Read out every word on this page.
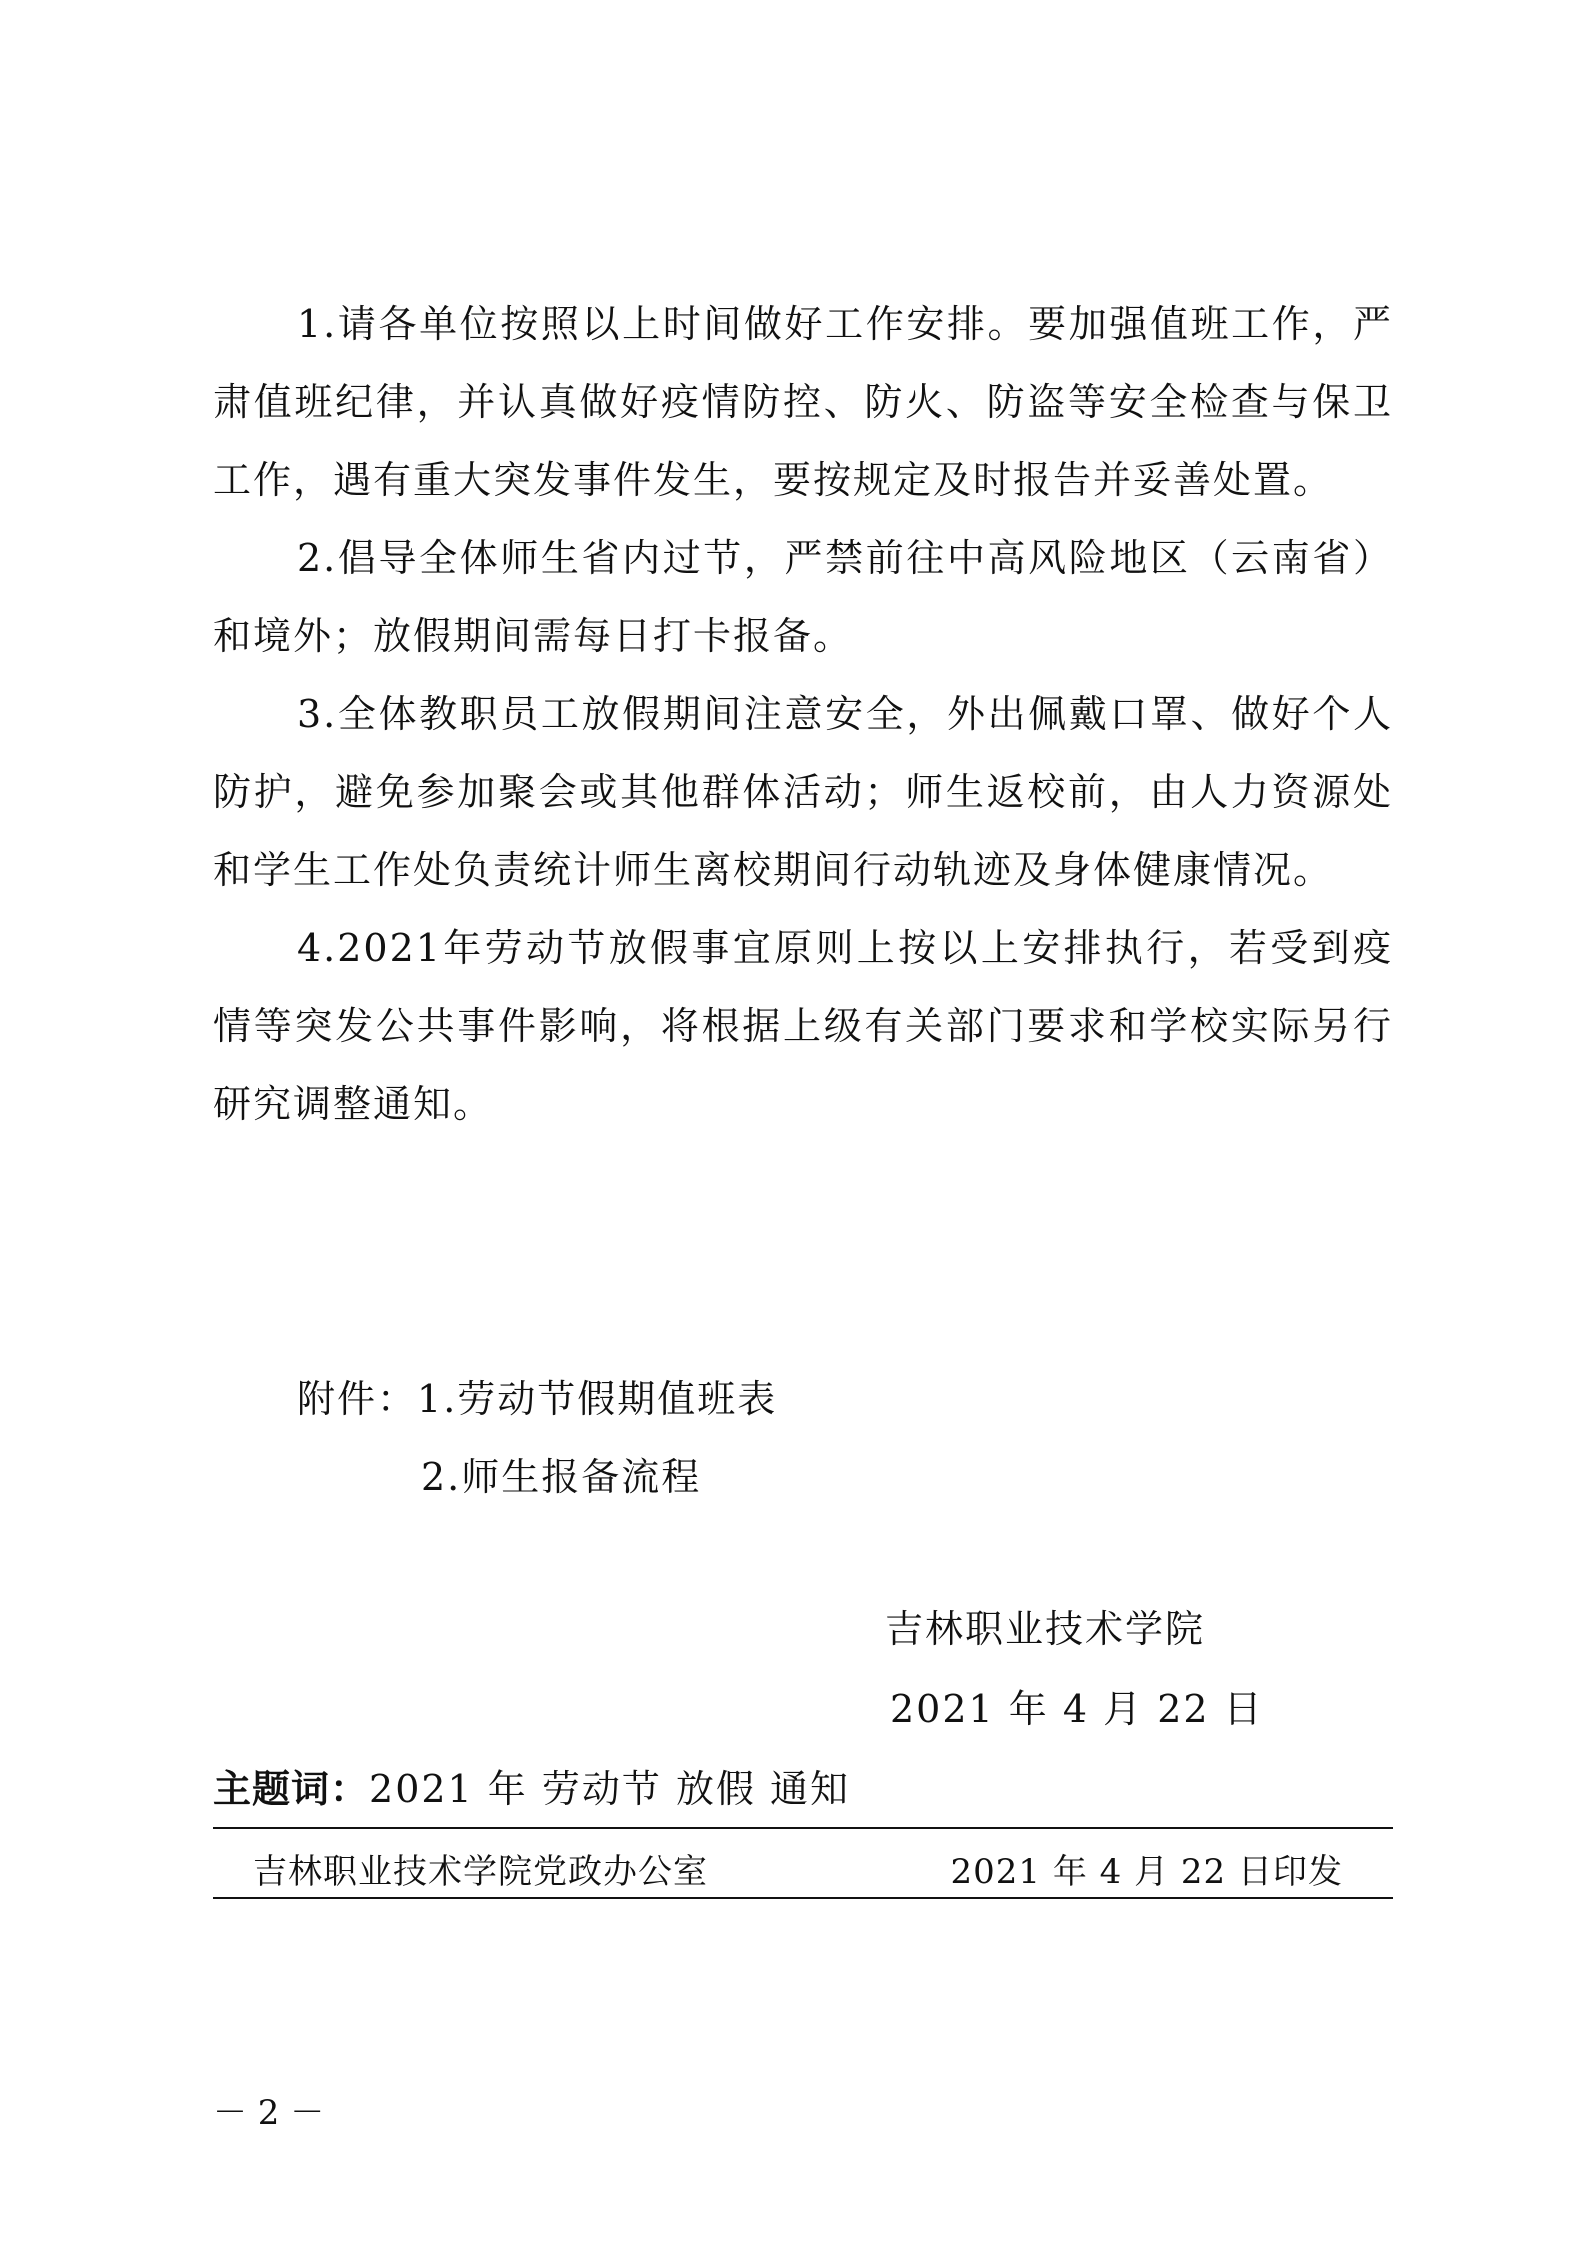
1.请各单位按照以上时间做好工作安排。要加强值班工作，严肃值班纪律，并认真做好疫情防控、防火、防盗等安全检查与保卫工作，遇有重大突发事件发生，要按规定及时报告并妥善处置。

2.倡导全体师生省内过节，严禁前往中高风险地区（云南省）和境外；放假期间需每日打卡报备。

3.全体教职员工放假期间注意安全，外出佩戴口罩、做好个人防护，避免参加聚会或其他群体活动；师生返校前，由人力资源处和学生工作处负责统计师生离校期间行动轨迹及身体健康情况。

4.2021年劳动节放假事宜原则上按以上安排执行，若受到疫情等突发公共事件影响，将根据上级有关部门要求和学校实际另行研究调整通知。

附件：1.劳动节假期值班表
2.师生报备流程
吉林职业技术学院
2021 年 4 月 22 日
主题词：2021 年 劳动节 放假 通知
吉林职业技术学院党政办公室	2021 年 4 月 22 日印发
－ 2 －
